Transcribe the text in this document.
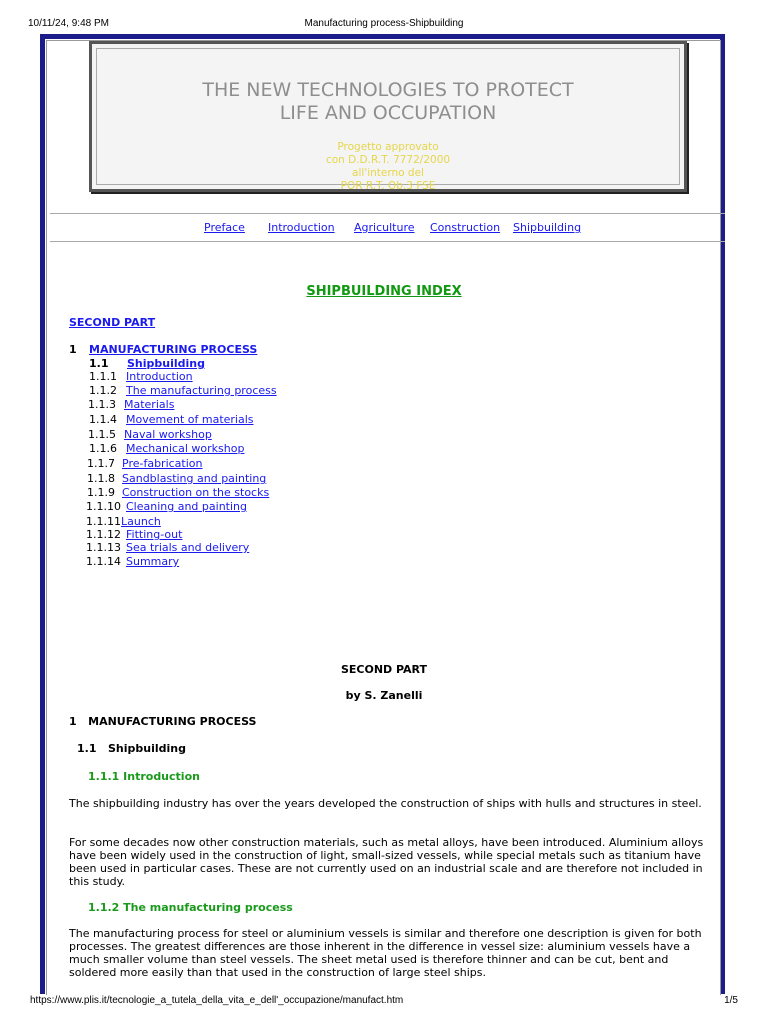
10/11/24, 9:48 PM	Manufacturing process-Shipbuilding
THE NEW TECHNOLOGIES TO PROTECT
LIFE AND OCCUPATION
Progetto approvato
con D.D.R.T. 7772/2000
all'interno del
POR R.T. Ob.3 FSE
Preface Introduction Agriculture Construction Shipbuilding
SHIPBUILDING INDEX
SECOND PART
1 MANUFACTURING PROCESS
1.1 Shipbuilding
1.1.1 Introduction
1.1.2 The manufacturing process
1.1.3 Materials
1.1.4 Movement of materials
1.1.5 Naval workshop
1.1.6 Mechanical workshop
1.1.7 Pre-fabrication
1.1.8 Sandblasting and painting
1.1.9 Construction on the stocks
1.1.10 Cleaning and painting
1.1.11 Launch
1.1.12 Fitting-out
1.1.13 Sea trials and delivery
1.1.14 Summary
SECOND PART
by S. Zanelli
1   MANUFACTURING PROCESS
1.1   Shipbuilding
1.1.1 Introduction
The shipbuilding industry has over the years developed the construction of ships with hulls and structures in steel.
For some decades now other construction materials, such as metal alloys, have been introduced. Aluminium alloys have been widely used in the construction of light, small-sized vessels, while special metals such as titanium have been used in particular cases. These are not currently used on an industrial scale and are therefore not included in this study.
1.1.2 The manufacturing process
The manufacturing process for steel or aluminium vessels is similar and therefore one description is given for both processes. The greatest differences are those inherent in the difference in vessel size: aluminium vessels have a much smaller volume than steel vessels. The sheet metal used is therefore thinner and can be cut, bent and soldered more easily than that used in the construction of large steel ships.
https://www.plis.it/tecnologie_a_tutela_della_vita_e_dell'_occupazione/manufact.htm	1/5
